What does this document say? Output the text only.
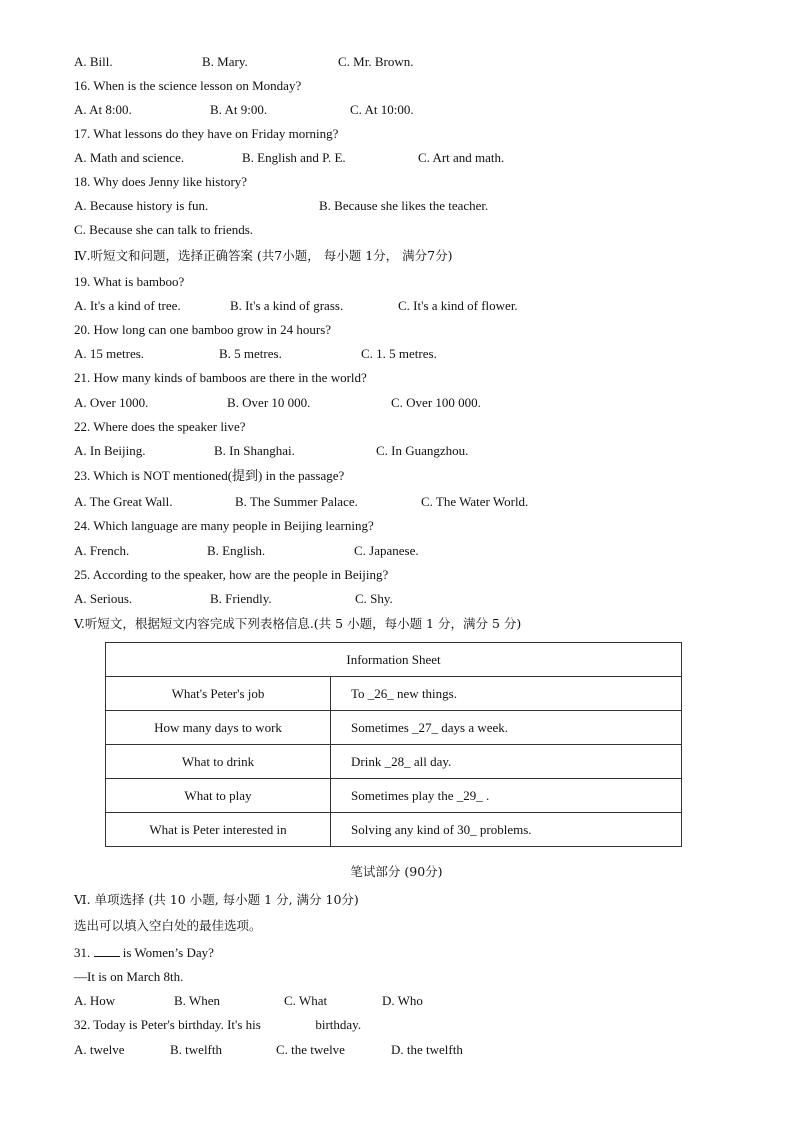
A. Bill.	B. Mary.	C. Mr. Brown.
16. When is the science lesson on Monday?
A. At 8:00.	B. At 9:00.	C. At 10:00.
17. What lessons do they have on Friday morning?
A. Math and science.	B. English and P. E.	C. Art and math.
18. Why does Jenny like history?
A. Because history is fun.	B. Because she likes the teacher.
C. Because she can talk to friends.
Ⅳ.听短文和问题，选择正确答案 (共7小题， 每小题 1分， 满分7分)
19. What is bamboo?
A. It's a kind of tree.	B. It's a kind of grass.	C. It's a kind of flower.
20. How long can one bamboo grow in 24 hours?
A. 15 metres.	B. 5 metres.	C. 1. 5 metres.
21. How many kinds of bamboos are there in the world?
A. Over 1000.	B. Over 10 000.	C. Over 100 000.
22. Where does the speaker live?
A. In Beijing.	B. In Shanghai.	C. In Guangzhou.
23. Which is NOT mentioned(提到) in the passage?
A. The Great Wall.	B. The Summer Palace.	C. The Water World.
24. Which language are many people in Beijing learning?
A. French.	B. English.	C. Japanese.
25. According to the speaker, how are the people in Beijing?
A. Serious.	B. Friendly.	C. Shy.
V.听短文，根据短文内容完成下列表格信息.(共 5 小题，每小题 1 分，满分 5 分)
Information Sheet	
What's Peter's job	To _26_ new things.
How many days to work	Sometimes _27_ days a week.
What to drink	Drink _28_ all day.
What to play	Sometimes play the _29_ .
What is Peter interested in	Solving any kind of 30_ problems.
笔试部分 (90分)
Ⅵ. 单项选择 (共 10 小题, 每小题 1 分, 满分 10分)
选出可以填入空白处的最佳选项。
31.	is Women’s Day?
—It is on March 8th.
A. How	B. When	C. What	D. Who
32. Today is Peter's birthday. It's his	birthday.
A. twelve	B. twelfth	C. the twelve	D. the twelfth
